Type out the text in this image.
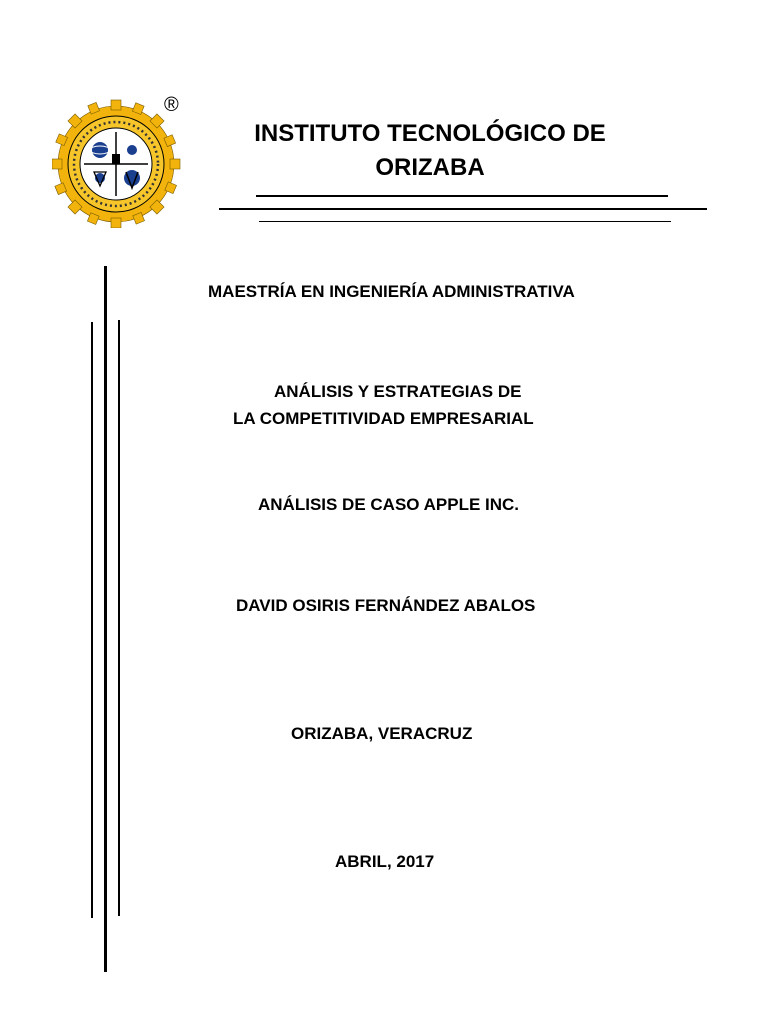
®
INSTITUTO TECNOLÓGICO DE
ORIZABA
MAESTRÍA EN INGENIERÍA ADMINISTRATIVA
ANÁLISIS Y ESTRATEGIAS DE
LA COMPETITIVIDAD EMPRESARIAL
ANÁLISIS DE CASO APPLE INC.
DAVID OSIRIS FERNÁNDEZ ABALOS
ORIZABA, VERACRUZ
ABRIL, 2017
